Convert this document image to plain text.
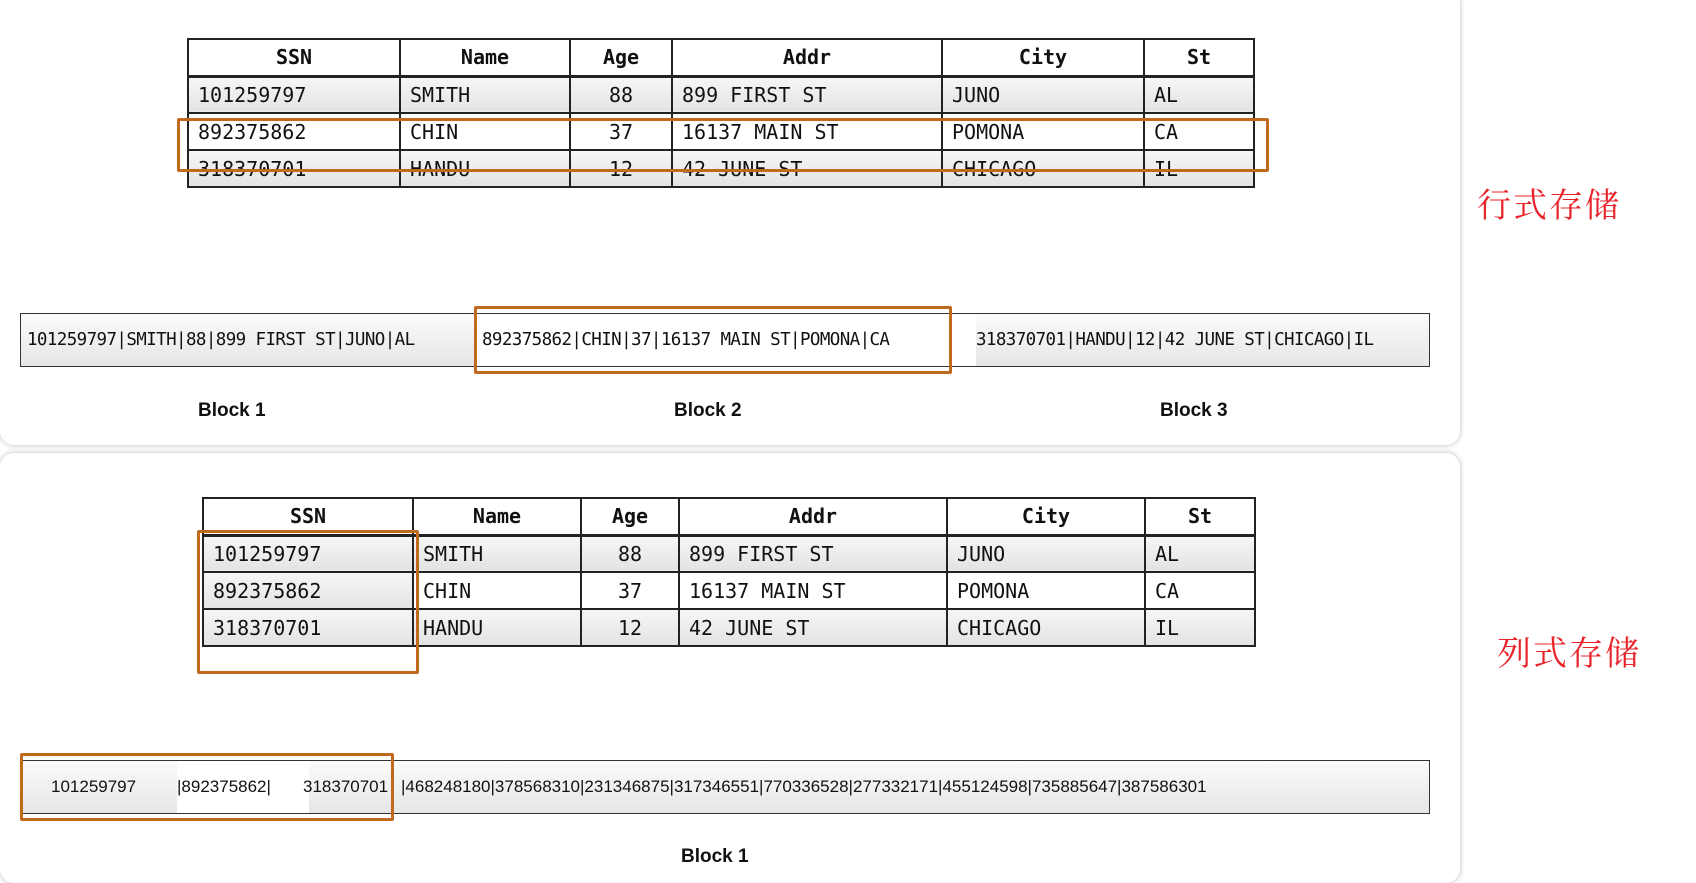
SSN	Name	Age	Addr	City	St
101259797	SMITH	88	899 FIRST ST	JUNO	AL
892375862	CHIN	37	16137 MAIN ST	POMONA	CA
318370701	HANDU	12	42 JUNE ST	CHICAGO	IL
行式存储
101259797|SMITH|88|899 FIRST ST|JUNO|AL	892375862|CHIN|37|16137 MAIN ST|POMONA|CA	318370701|HANDU|12|42 JUNE ST|CHICAGO|IL
Block 1	Block 2	Block 3
SSN	Name	Age	Addr	City	St
101259797	SMITH	88	899 FIRST ST	JUNO	AL
892375862	CHIN	37	16137 MAIN ST	POMONA	CA
318370701	HANDU	12	42 JUNE ST	CHICAGO	IL
列式存储
101259797 |892375862|	318370701 |468248180|378568310|231346875|317346551|770336528|277332171|455124598|735885647|387586301
Block 1
